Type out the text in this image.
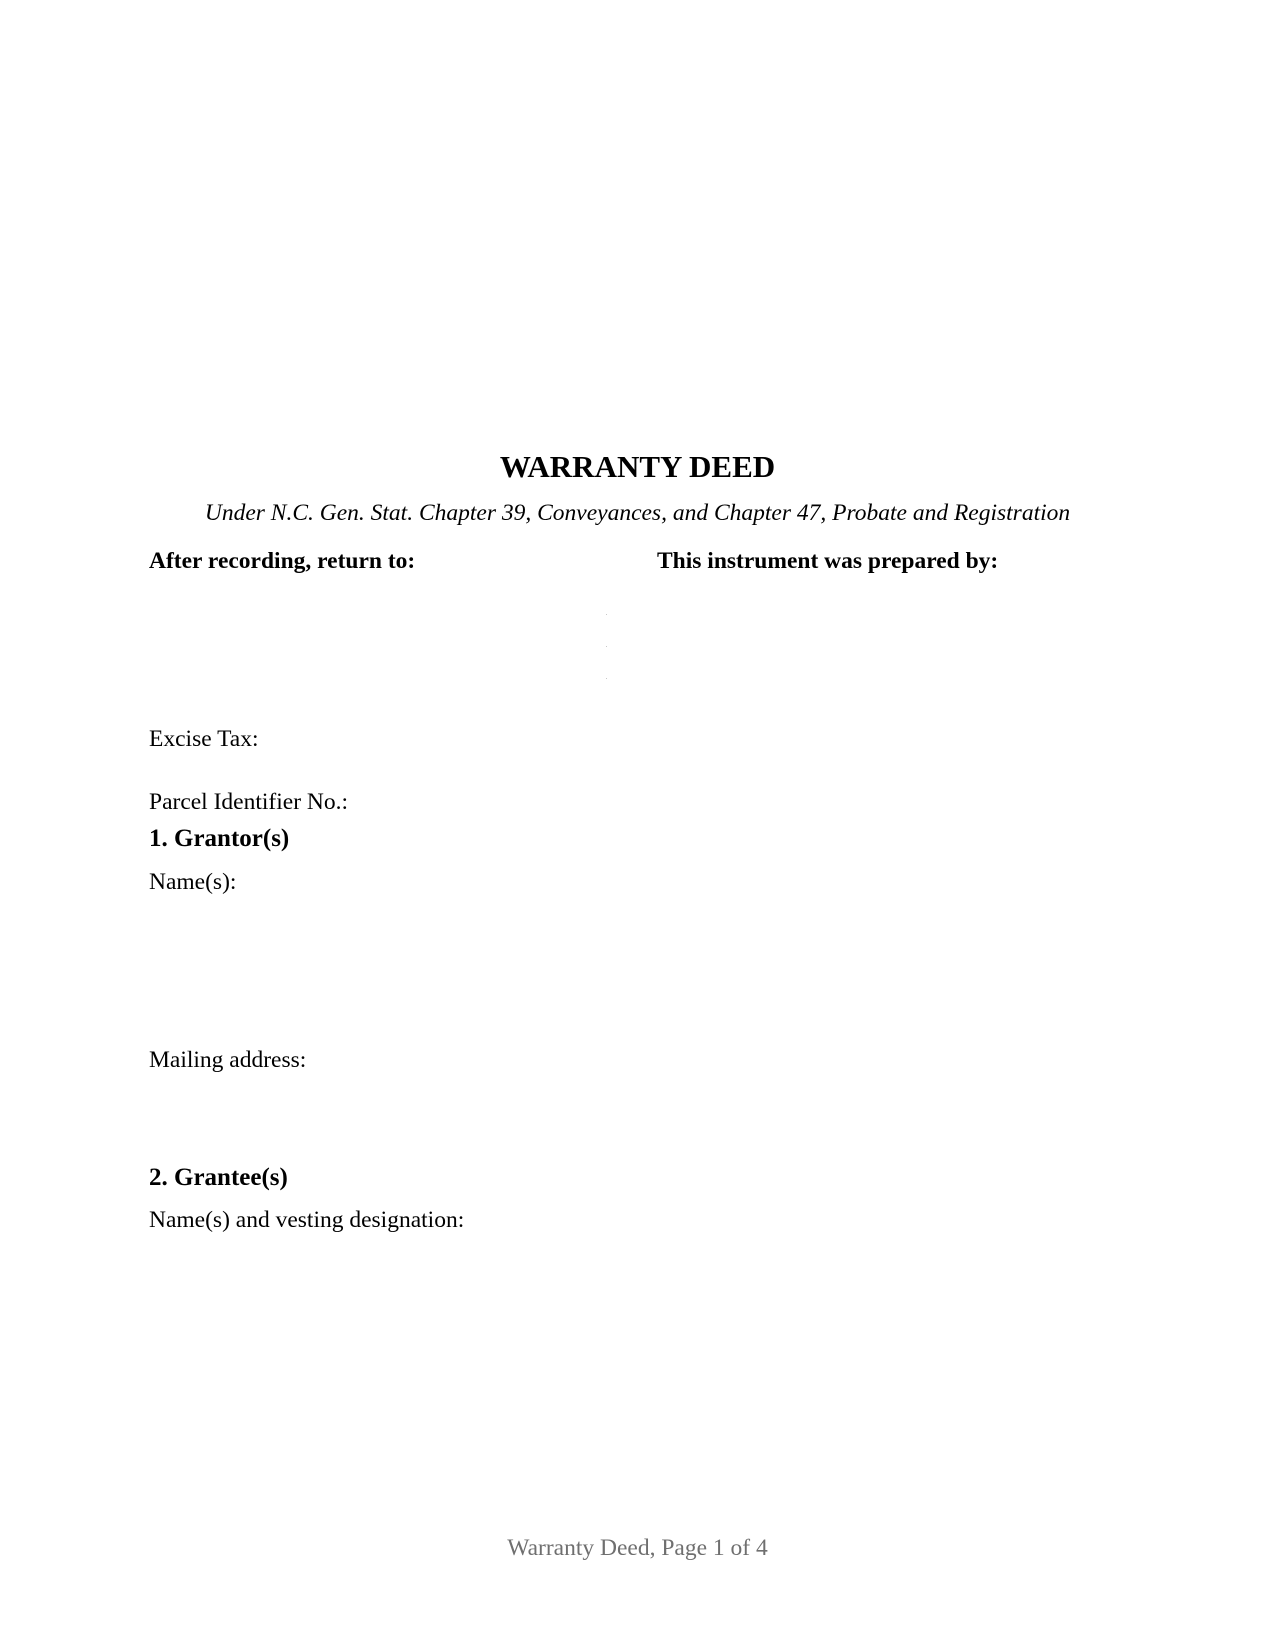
WARRANTY DEED
Under N.C. Gen. Stat. Chapter 39, Conveyances, and Chapter 47, Probate and Registration
After recording, return to:	This instrument was prepared by:
Excise Tax:
Parcel Identifier No.:
1. Grantor(s)
Name(s):
Mailing address:
2. Grantee(s)
Name(s) and vesting designation:
Warranty Deed, Page 1 of 4
